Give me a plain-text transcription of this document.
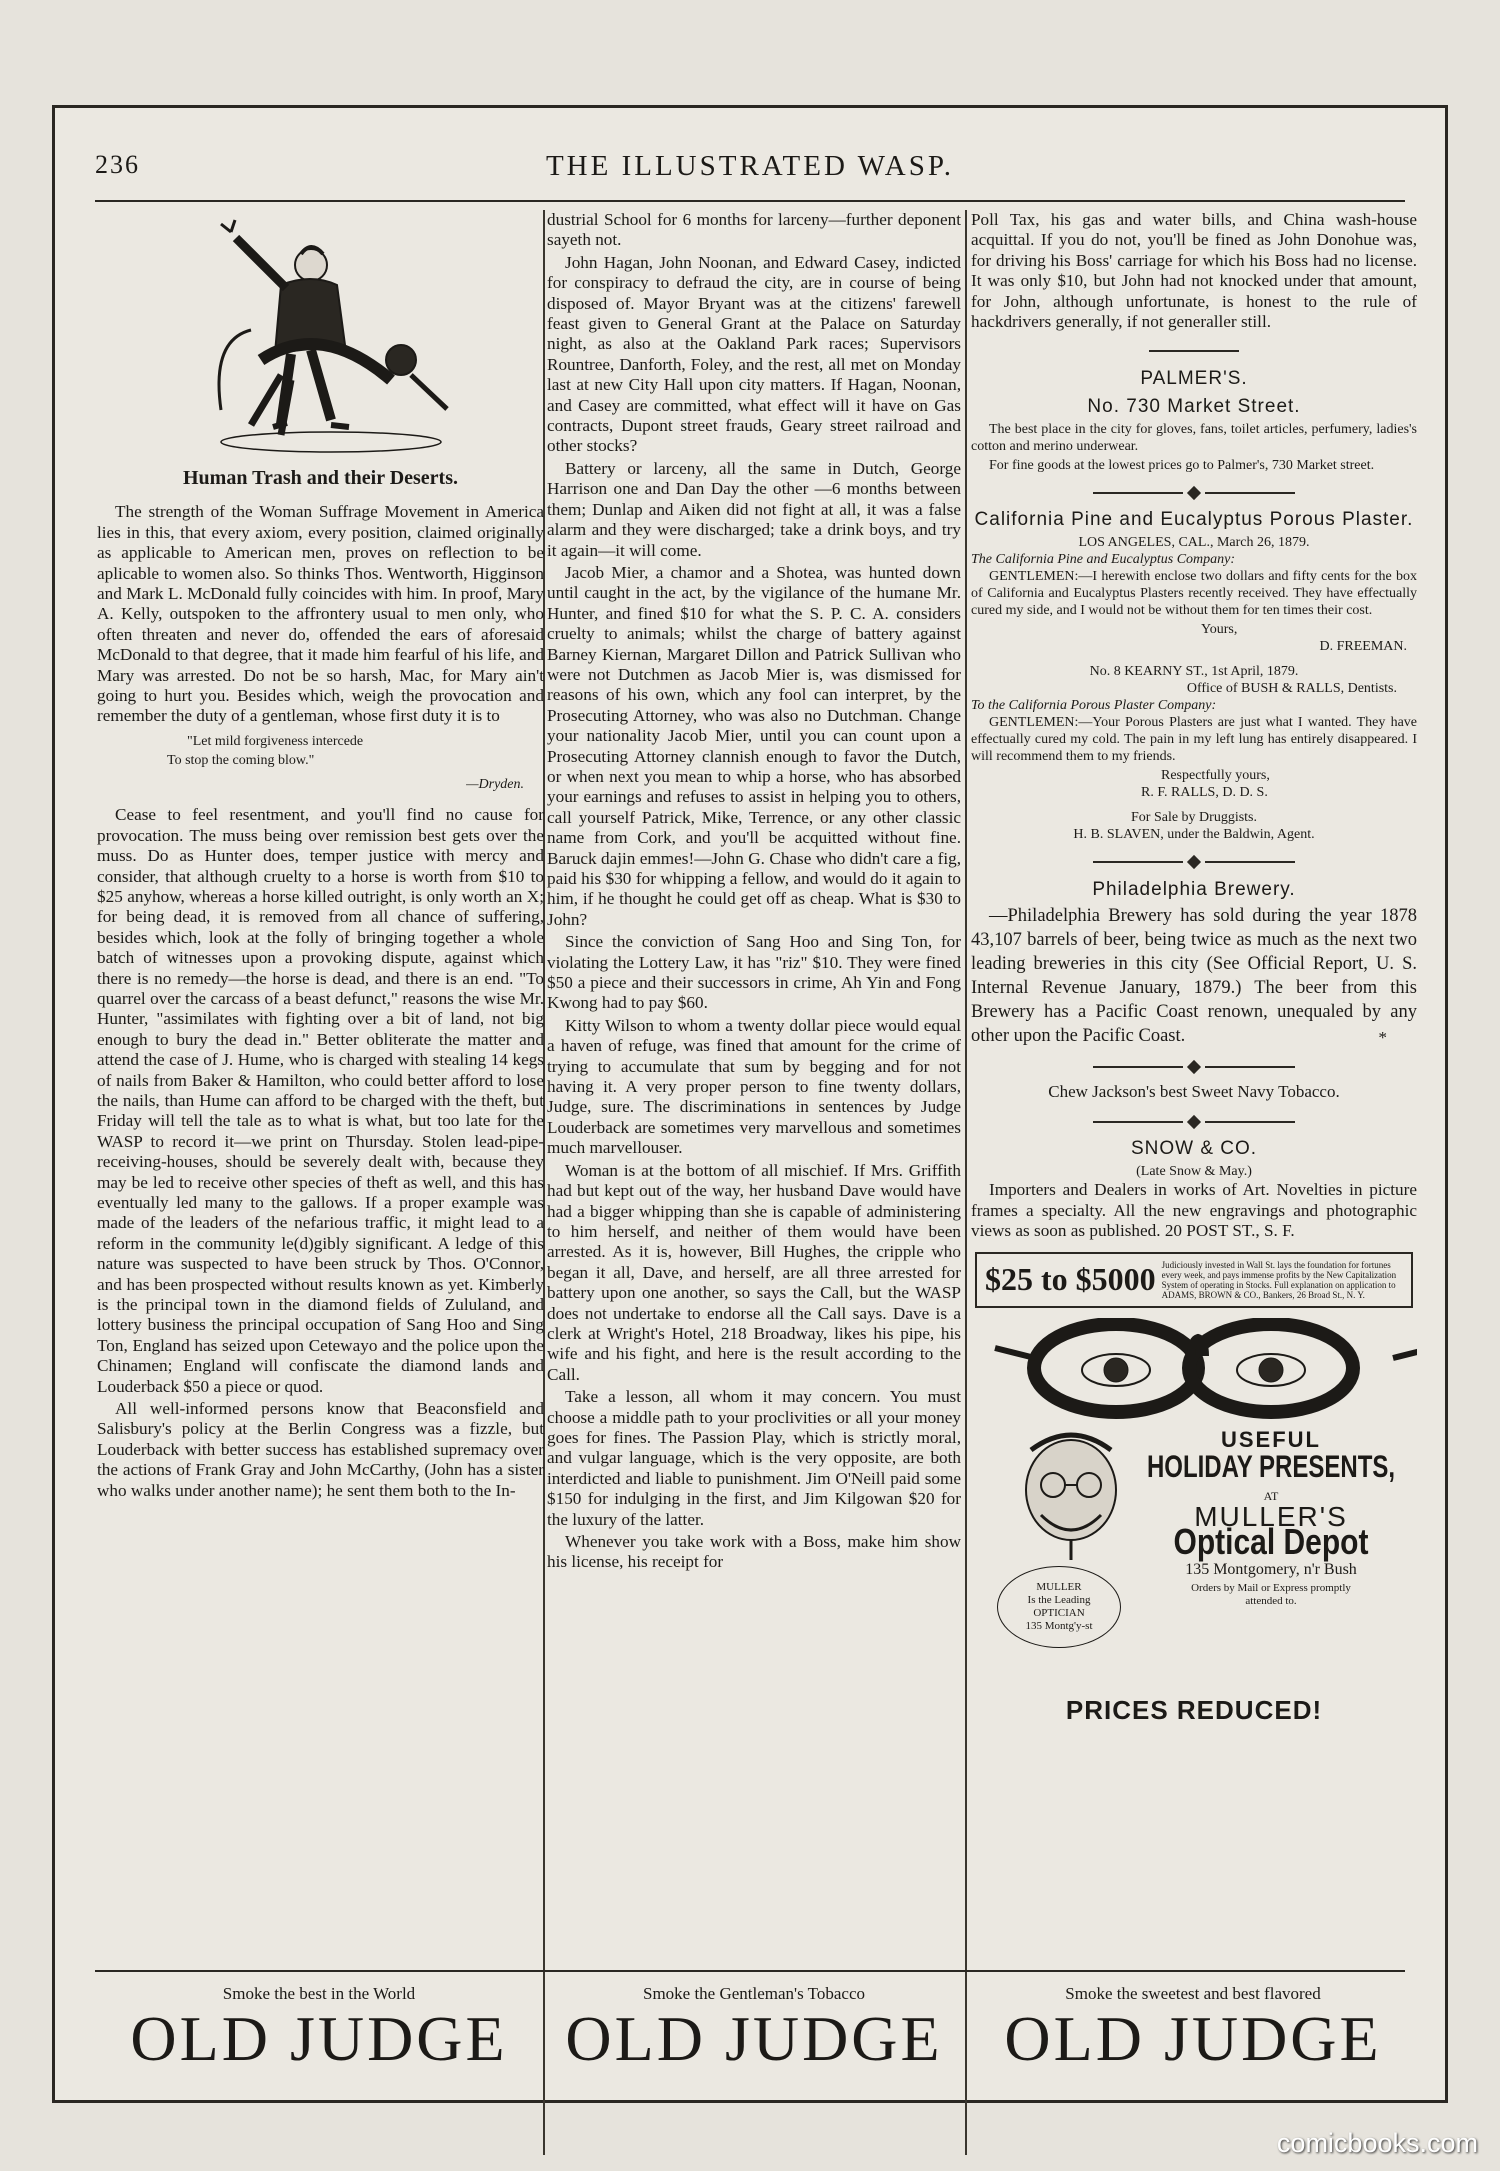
236	THE ILLUSTRATED WASP.
Human Trash and their Deserts.

The strength of the Woman Suffrage Movement in America lies in this, that every axiom, every position, claimed originally as applicable to American men, proves on reflection to be aplicable to women also. So thinks Thos. Wentworth, Higginson and Mark L. McDonald fully coincides with him. In proof, Mary A. Kelly, outspoken to the affrontery usual to men only, who often threaten and never do, offended the ears of aforesaid McDonald to that degree, that it made him fearful of his life, and Mary was arrested. Do not be so harsh, Mac, for Mary ain't going to hurt you. Besides which, weigh the provocation and remember the duty of a gentleman, whose first duty it is to

"Let mild forgiveness intercede
To stop the coming blow."
—Dryden.

Cease to feel resentment, and you'll find no cause for provocation. The muss being over remission best gets over the muss. Do as Hunter does, temper justice with mercy and consider, that although cruelty to a horse is worth from $10 to $25 anyhow, whereas a horse killed outright, is only worth an X; for being dead, it is removed from all chance of suffering, besides which, look at the folly of bringing together a whole batch of witnesses upon a provoking dispute, against which there is no remedy—the horse is dead, and there is an end. "To quarrel over the carcass of a beast defunct," reasons the wise Mr. Hunter, "assimilates with fighting over a bit of land, not big enough to bury the dead in." Better obliterate the matter and attend the case of J. Hume, who is charged with stealing 14 kegs of nails from Baker & Hamilton, who could better afford to lose the nails, than Hume can afford to be charged with the theft, but Friday will tell the tale as to what is what, but too late for the WASP to record it—we print on Thursday. Stolen lead-pipe-receiving-houses, should be severely dealt with, because they may be led to receive other species of theft as well, and this has eventually led many to the gallows. If a proper example was made of the leaders of the nefarious traffic, it might lead to a reform in the community le(d)gibly significant. A ledge of this nature was suspected to have been struck by Thos. O'Connor, and has been prospected without results known as yet. Kimberly is the principal town in the diamond fields of Zululand, and lottery business the principal occupation of Sang Hoo and Sing Ton, England has seized upon Cetewayo and the police upon the Chinamen; England will confiscate the diamond lands and Louderback $50 a piece or quod.

All well-informed persons know that Beaconsfield and Salisbury's policy at the Berlin Congress was a fizzle, but Louderback with better success has established supremacy over the actions of Frank Gray and John McCarthy, (John has a sister who walks under another name); he sent them both to the In-

dustrial School for 6 months for larceny—further deponent sayeth not.

John Hagan, John Noonan, and Edward Casey, indicted for conspiracy to defraud the city, are in course of being disposed of. Mayor Bryant was at the citizens' farewell feast given to General Grant at the Palace on Saturday night, as also at the Oakland Park races; Supervisors Rountree, Danforth, Foley, and the rest, all met on Monday last at new City Hall upon city matters. If Hagan, Noonan, and Casey are committed, what effect will it have on Gas contracts, Dupont street frauds, Geary street railroad and other stocks?

Battery or larceny, all the same in Dutch, George Harrison one and Dan Day the other —6 months between them; Dunlap and Aiken did not fight at all, it was a false alarm and they were discharged; take a drink boys, and try it again—it will come.

Jacob Mier, a chamor and a Shotea, was hunted down until caught in the act, by the vigilance of the humane Mr. Hunter, and fined $10 for what the S. P. C. A. considers cruelty to animals; whilst the charge of battery against Barney Kiernan, Margaret Dillon and Patrick Sullivan who were not Dutchmen as Jacob Mier is, was dismissed for reasons of his own, which any fool can interpret, by the Prosecuting Attorney, who was also no Dutchman. Change your nationality Jacob Mier, until you can count upon a Prosecuting Attorney clannish enough to favor the Dutch, or when next you mean to whip a horse, who has absorbed your earnings and refuses to assist in helping you to others, call yourself Patrick, Mike, Terrence, or any other classic name from Cork, and you'll be acquitted without fine. Baruck dajin emmes!—John G. Chase who didn't care a fig, paid his $30 for whipping a fellow, and would do it again to him, if he thought he could get off as cheap. What is $30 to John?

Since the conviction of Sang Hoo and Sing Ton, for violating the Lottery Law, it has "riz" $10. They were fined $50 a piece and their successors in crime, Ah Yin and Fong Kwong had to pay $60.

Kitty Wilson to whom a twenty dollar piece would equal a haven of refuge, was fined that amount for the crime of trying to accumulate that sum by begging and for not having it. A very proper person to fine twenty dollars, Judge, sure. The discriminations in sentences by Judge Louderback are sometimes very marvellous and sometimes much marvellouser.

Woman is at the bottom of all mischief. If Mrs. Griffith had but kept out of the way, her husband Dave would have had a bigger whipping than she is capable of administering to him herself, and neither of them would have been arrested. As it is, however, Bill Hughes, the cripple who began it all, Dave, and herself, are all three arrested for battery upon one another, so says the Call, but the WASP does not undertake to endorse all the Call says. Dave is a clerk at Wright's Hotel, 218 Broadway, likes his pipe, his wife and his fight, and here is the result according to the Call.

Take a lesson, all whom it may concern. You must choose a middle path to your proclivities or all your money goes for fines. The Passion Play, which is strictly moral, and vulgar language, which is the very opposite, are both interdicted and liable to punishment. Jim O'Neill paid some $150 for indulging in the first, and Jim Kilgowan $20 for the luxury of the latter.

Whenever you take work with a Boss, make him show his license, his receipt for

Poll Tax, his gas and water bills, and China wash-house acquittal. If you do not, you'll be fined as John Donohue was, for driving his Boss' carriage for which his Boss had no license. It was only $10, but John had not knocked under that amount, for John, although unfortunate, is honest to the rule of hackdrivers generally, if not generaller still.

PALMER'S.
No. 730 Market Street.

The best place in the city for gloves, fans, toilet articles, perfumery, ladies's cotton and merino underwear.

For fine goods at the lowest prices go to Palmer's, 730 Market street.

California Pine and Eucalyptus Porous Plaster.
LOS ANGELES, CAL., March 26, 1879.
The California Pine and Eucalyptus Company:

GENTLEMEN:—I herewith enclose two dollars and fifty cents for the box of California and Eucalyptus Plasters recently received. They have effectually cured my side, and I would not be without them for ten times their cost.

Yours,
D. FREEMAN.
No. 8 KEARNY ST., 1st April, 1879.
Office of BUSH & RALLS, Dentists.
To the California Porous Plaster Company:

GENTLEMEN:—Your Porous Plasters are just what I wanted. They have effectually cured my cold. The pain in my left lung has entirely disappeared. I will recommend them to my friends.

Respectfully yours,
R. F. RALLS, D. D. S.
For Sale by Druggists.
H. B. SLAVEN, under the Baldwin, Agent.
Philadelphia Brewery.

—Philadelphia Brewery has sold during the year 1878 43,107 barrels of beer, being twice as much as the next two leading breweries in this city (See Official Report, U. S. Internal Revenue January, 1879.) The beer from this Brewery has a Pacific Coast renown, unequaled by any other upon the Pacific Coast.	*
Chew Jackson's best Sweet Navy Tobacco.
SNOW & CO.
(Late Snow & May.)

Importers and Dealers in works of Art. Novelties in picture frames a specialty. All the new engravings and photographic views as soon as published. 20 POST ST., S. F.

$25 to $5000 Judiciously invested in Wall St. lays the foundation for fortunes every week, and pays immense profits by the New Capitalization System of operating in Stocks. Full explanation on application to ADAMS, BROWN & CO., Bankers, 26 Broad St., N. Y.
MULLER
Is the Leading
OPTICIAN
135 Montg'y-st
USEFUL
HOLIDAY PRESENTS,
AT
MULLER'S
Optical Depot
135 Montgomery, n'r Bush
Orders by Mail or Express promptly attended to.
PRICES REDUCED!
Smoke the best in the World
OLD JUDGE
Smoke the Gentleman's Tobacco
OLD JUDGE
Smoke the sweetest and best flavored
OLD JUDGE
comicbooks.com
